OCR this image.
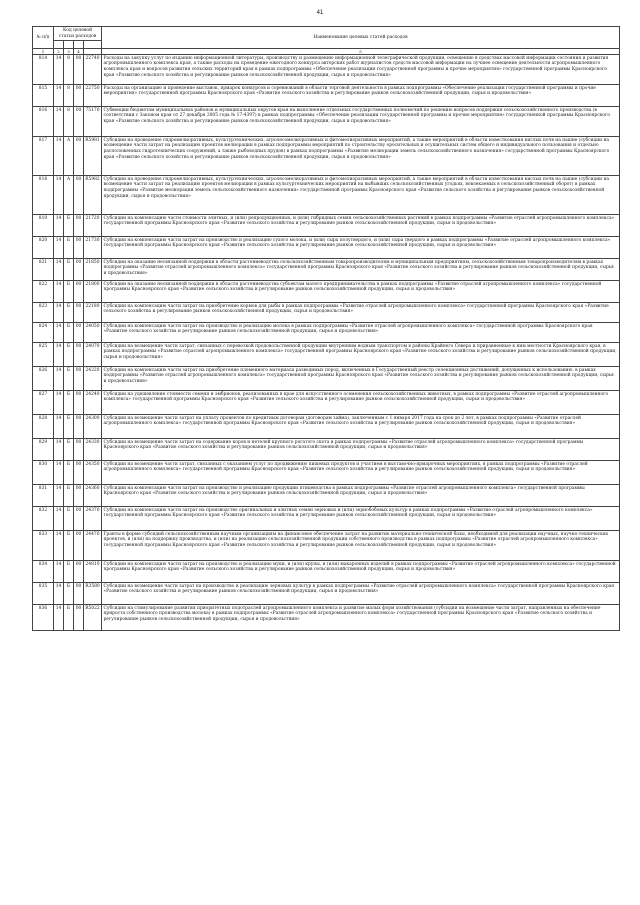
41
№ п/п	Код целевой статьи расходов				Наименование целевых статей расходов

1	2	3	4		5
814	14	8	00	22740	Расходы на закупку услуг по изданию информационной литературы, производству и размещению информационной телеграфической продукции, освещению в средствах массовой информации состояния и развития агропромышленного комплекса края, а также расходы на проведение ежегодного конкурса авторских работ журналистов средств массовой информации на лучшее освещение деятельности агропромышленного комплекса края и вопросов развития сельских территорий края в рамках подпрограммы «Обеспечение реализации государственной программы и прочие мероприятия» государственной программы Красноярского края «Развитие сельского хозяйства и регулирование рынков сельскохозяйственной продукции, сырья и продовольствия»
815	14	8	00	22750	Расходы на организацию и проведение выставок, ярмарок конкурсов и соревнований в области торговой деятельности в рамках подпрограммы «Обеспечение реализации государственной программы и прочие мероприятия» государственной программы Красноярского края «Развитие сельского хозяйства и регулирование рынков сельскохозяйственной продукции, сырья и продовольствия»
816	14	8	00	75170	Субвенции бюджетам муниципальных районов и муниципальных округов края на выполнение отдельных государственных полномочий по решению вопросов поддержки сельскохозяйственного производства (в соответствии с Законом края от 27 декабря 2005 года № 17-4397) в рамках подпрограммы «Обеспечение реализации государственной программы и прочие мероприятия» государственной программы Красноярского края «Развитие сельского хозяйства и регулирование рынков сельскохозяйственной продукции, сырья и продовольствия»
817	14	А	00	R5981	Субсидии на проведение гидромелиоративных, культуртехнических, агролесомелиоративных и фитомелиоративных мероприятий, а также мероприятий в области известкования кислых почв на пашне (субсидии на возмещение части затрат на реализацию проектов мелиорации в рамках подпрограммы мероприятий по строительству оросительных и осушительных систем общего и индивидуального пользования и отдельно расположенных гидротехнических сооружений, а также рыбоводных прудов) в рамках подпрограммы «Развитие мелиорации земель сельскохозяйственного назначения» государственной программы Красноярского края «Развитие сельского хозяйства и регулирование рынков сельскохозяйственной продукции, сырья и продовольствия»
818	14	А	00	R5982	Субсидии на проведение гидромелиоративных, культуртехнических, агролесомелиоративных и фитомелиоративных мероприятий, а также мероприятий в области известкования кислых почв на пашне (субсидии на возмещение части затрат на реализацию проектов мелиорации в рамках культуртехнических мероприятий на выбывших сельскохозяйственных угодьях, вовлекаемых в сельскохозяйственный оборот) в рамках подпрограммы «Развитие мелиорации земель сельскохозяйственного назначения» государственной программы Красноярского края «Развитие сельского хозяйства и регулирование рынков сельскохозяйственной продукции, сырья и продовольствия»
819	14	Б	00	21720	Субсидии на компенсацию части стоимости элитных, и (или) репродукционных, и (или) гибридных семян сельскохозяйственных растений в рамках подпрограммы «Развитие отраслей агропромышленного комплекса» государственной программы Красноярского края «Развитие сельского хозяйства и регулирование рынков сельскохозяйственной продукции, сырья и продовольствия»
820	14	Б	00	21730	Субсидии на компенсацию части затрат на производство и реализацию сухого молока, и (или) сыра полутвердого, и (или) сыра твердого в рамках подпрограммы «Развитие отраслей агропромышленного комплекса» государственной программы Красноярского края «Развитие сельского хозяйства и регулирование рынков сельскохозяйственной продукции, сырья и продовольствия»
821	14	Б	00	21850	Субсидии на оказание несвязанной поддержки в области растениеводства сельскохозяйственным товаропроизводителям и муниципальным предприятиям, сельскохозяйственным товаропроизводителям в рамках подпрограммы «Развитие отраслей агропромышленного комплекса» государственной программы Красноярского края «Развитие сельского хозяйства и регулирование рынков сельскохозяйственной продукции, сырья и продовольствия»
822	14	Б	00	21800	Субсидии на оказание несвязанной поддержки в области растениеводства субъектам малого предпринимательства в рамках подпрограммы «Развитие отраслей агропромышленного комплекса» государственной программы Красноярского края «Развитие сельского хозяйства и регулирование рынков сельскохозяйственной продукции, сырья и продовольствия»
823	14	Б	00	22180	Субсидии на компенсацию части затрат на приобретение кормов для рыбы в рамках подпрограммы «Развитие отраслей агропромышленного комплекса» государственной программы Красноярского края «Развитие сельского хозяйства и регулирование рынков сельскохозяйственной продукции, сырья и продовольствия»
824	14	Б	00	24050	Субсидии на компенсацию части затрат на производство и реализацию молока в рамках подпрограммы «Развитие отраслей агропромышленного комплекса» государственной программы Красноярского края «Развитие сельского хозяйства и регулирование рынков сельскохозяйственной продукции, сырья и продовольствия»
825	14	Б	00	24070	Субсидии на возмещение части затрат, связанных с перевозкой продовольственной продукции внутренним водным транспортом в районы Крайнего Севера и приравненные к ним местности Красноярского края, в рамках подпрограммы «Развитие отраслей агропромышленного комплекса» государственной программы Красноярского края «Развитие сельского хозяйства и регулирование рынков сельскохозяйственной продукции, сырья и продовольствия»
826	14	Б	00	24220	Субсидии на компенсацию части затрат на приобретение племенного материала разводимых пород, включенных в Государственный реестр селекционных достижений, допущенных к использованию, в рамках подпрограммы «Развитие отраслей агропромышленного комплекса» государственной программы Красноярского края «Развитие сельского хозяйства и регулирование рынков сельскохозяйственной продукции, сырья и продовольствия»
827	14	Б	00	24240	Субсидии на удешевление стоимости семени и эмбрионов, реализованных в крае для искусственного осеменения сельскохозяйственных животных, в рамках подпрограммы «Развитие отраслей агропромышленного комплекса» государственной программы Красноярского края «Развитие сельского хозяйства и регулирование рынков сельскохозяйственной продукции, сырья и продовольствия»
828	14	Б	00	24300	Субсидии на возмещение части затрат на уплату процентов по кредитным договорам (договорам займа), заключенным с 1 января 2017 года на срок до 2 лет, в рамках подпрограммы «Развитие отраслей агропромышленного комплекса» государственной программы Красноярского края «Развитие сельского хозяйства и регулирование рынков сельскохозяйственной продукции, сырья и продовольствия»
829	14	Б	00	24330	Субсидии на возмещение части затрат на содержание коров и нетелей крупного рогатого скота в рамках подпрограммы «Развитие отраслей агропромышленного комплекса» государственной программы Красноярского края «Развитие сельского хозяйства и регулирование рынков сельскохозяйственной продукции, сырья и продовольствия»
830	14	Б	00	24350	Субсидии на возмещение части затрат, связанных с оказанием услуг по продвижению пищевых продуктов и участием в выставочно-ярмарочных мероприятиях, в рамках подпрограммы «Развитие отраслей агропромышленного комплекса» государственной программы Красноярского края «Развитие сельского хозяйства и регулирование рынков сельскохозяйственной продукции, сырья и продовольствия»
831	14	Б	00	24360	Субсидии на компенсацию части затрат на производство и реализацию продукции птицеводства в рамках подпрограммы «Развитие отраслей агропромышленного комплекса» государственной программы Красноярского края «Развитие сельского хозяйства и регулирование рынков сельскохозяйственной продукции, сырья и продовольствия»
832	14	Б	00	24370	Субсидии на компенсацию части затрат на производство оригинальных и элитных семян зерновых и (или) зернобобовых культур в рамках подпрограммы «Развитие отраслей агропромышленного комплекса» государственной программы Красноярского края «Развитие сельского хозяйства и регулирование рынков сельскохозяйственной продукции, сырья и продовольствия»
833	14	Б	00	24470	Гранты в форме субсидий сельскохозяйственным научным организациям на финансовое обеспечение затрат на развитие материально-технической базы, необходимой для реализации научных, научно-технических проектов, и (или) на поддержку производства, и (или) на реализацию сельскохозяйственной продукции собственного производства в рамках подпрограммы «Развитие отраслей агропромышленного комплекса» государственной программы Красноярского края «Развитие сельского хозяйства и регулирование рынков сельскохозяйственной продукции, сырья и продовольствия»
834	14	Б	00	24810	Субсидии на компенсацию части затрат на производство и реализацию муки, и (или) крупы, и (или) макаронных изделий в рамках подпрограммы «Развитие отраслей агропромышленного комплекса» государственной программы Красноярского края «Развитие сельского хозяйства и регулирование рынков сельскохозяйственной продукции, сырья и продовольствия»
835	14	Б	00	R3580	Субсидии на возмещение части затрат на производство и реализацию зерновых культур в рамках подпрограммы «Развитие отраслей агропромышленного комплекса» государственной программы Красноярского края «Развитие сельского хозяйства и регулирование рынков сельскохозяйственной продукции, сырья и продовольствия»
836	14	Б	00	R5022	Субсидии на стимулирование развития приоритетных подотраслей агропромышленного комплекса и развитие малых форм хозяйствования (субсидии на возмещение части затрат, направленных на обеспечение прироста собственного производства молока) в рамках подпрограммы «Развитие отраслей агропромышленного комплекса» государственной программы Красноярского края «Развитие сельского хозяйства и регулирование рынков сельскохозяйственной продукции, сырья и продовольствия»
